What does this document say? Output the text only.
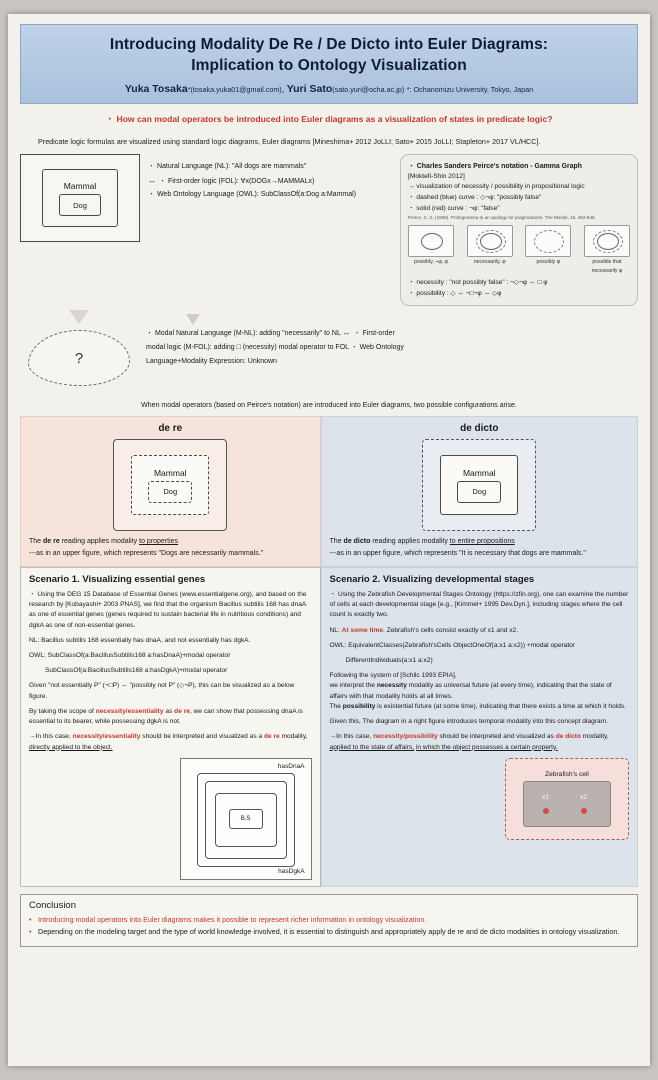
Introducing Modality De Re / De Dicto into Euler Diagrams:
Implication to Ontology Visualization
Yuka Tosaka*(tosaka.yuka01@gmail.com), Yuri Sato(sato.yuri@ocha.ac.jp) *: Ochanomizu University, Tokyo, Japan
・ How can modal operators be introduced into Euler diagrams as a visualization of states in predicate logic?
Predicate logic formulas are visualized using standard logic diagrams, Euler diagrams [Mineshima+ 2012 JoLLI; Sato+ 2015 JoLLI; Stapleton+ 2017 VL/HCC].
Mammal
Dog
・ Natural Language (NL): "All dogs are mammals"
↔ ・ First-order logic (FOL): ∀x(DOGx→MAMMALx)
・ Web Ontology Language (OWL): SubClassOf(a:Dog a:Mammal)
・ Charles Sanders Peirce's notation - Gamma Graph
[Moktefi-Shin 2012]
→ visualization of necessity / possibility in propositional logic
・ dashed (blue) curve : ◇¬φ: "possibly false"
・ solid (red) curve : ¬φ: "false"
Peirce, C. S. (1906). Prolegomena to an apology for pragmaticism. The Monist, 16, 492-546.
possibly, ¬φ, φ	necessarily, φ	possibly φ	possible that necessarily φ
・ necessity : "not possibly false" : ¬◇¬φ ⇔ □ φ
・ possibility : ◇ ⇔ ¬□¬φ ⇔ ◇φ
?
・ Modal Natural Language (M-NL): adding "necessarily" to NL ↔ ・ First-order modal logic (M-FOL): adding □ (necessity) modal operator to FOL ・ Web Ontology Language+Modality Expression: Unknown
When modal operators (based on Peirce's notation) are introduced into Euler diagrams, two possible configurations arise.
de re
Mammal
Dog
The de re reading applies modality to properties
---as in an upper figure, which represents "Dogs are necessarily mammals."
de dicto
Mammal
Dog
The de dicto reading applies modality to entire propositions
---as in an upper figure, which represents "It is necessary that dogs are mammals."
Scenario 1. Visualizing essential genes

・ Using the DEG 15 Database of Essential Genes (www.essentialgene.org), and based on the research by [Kobayashi+ 2003 PNAS], we find that the organism Bacillus subtilis 168 has dnaA as one of essential genes (genes required to sustain bacterial life in nutritious conditions) and dgkA as one of non-essential genes.

NL: Bacillus subtilis 168 essentially has dnaA, and not essentially has dgkA.

OWL: SubClassOf(a:BacillusSubtilis168 a:hasDnaA)+modal operator

SubClassOf(a:BacillusSubtilis168 a:hasDgkA)+modal operator

Given "not essentially P" (¬□P) ⇔ "possibly not P" (◇¬P), this can be visualized as a below figure.

By taking the scope of necessity/essentiality as de re, we can show that possessing dnaA is essential to its bearer, while possessing dgkA is not.

→In this case, necessity/essentiality should be interpreted and visualized as a de re modality, directly applied to the object.

B.S
hasDnaA
hasDgkA
Scenario 2. Visualizing developmental stages

・ Using the Zebrafish Developmental Stages Ontology (https://zfin.org), one can examine the number of cells at each developmental stage [e.g., [Kimmel+ 1995 Dev.Dyn.], including stages where the cell count is exactly two.

NL: At some time, Zebrafish's cells consist exactly of x1 and x2.

OWL: EquivalentClasses(Zebrafish'sCells ObjectOneOf(a:x1 a:x2)) +modal operator

DifferentIndividuals(a:x1 a:x2)

Following the system of [Schilc 1993 EPIA],
we interpret the necessity modality as universal future (at every time), indicating that the state of affairs with that modality holds at all times.
The possibility is existential future (at some time), indicating that there exists a time at which it holds.

Given this, The diagram in a right figure introduces temporal modality into this concept diagram.

→In this case, necessity/possibility should be interpreted and visualized as de dicto modality, applied to the state of affairs, in which the object possesses a certain property.

Zebrafish's cell
x1	x2
Conclusion
• Introducing modal operators into Euler diagrams makes it possible to represent richer information in ontology visualization.
• Depending on the modeling target and the type of world knowledge involved, it is essential to distinguish and appropriately apply de re and de dicto modalities in ontology visualization.
